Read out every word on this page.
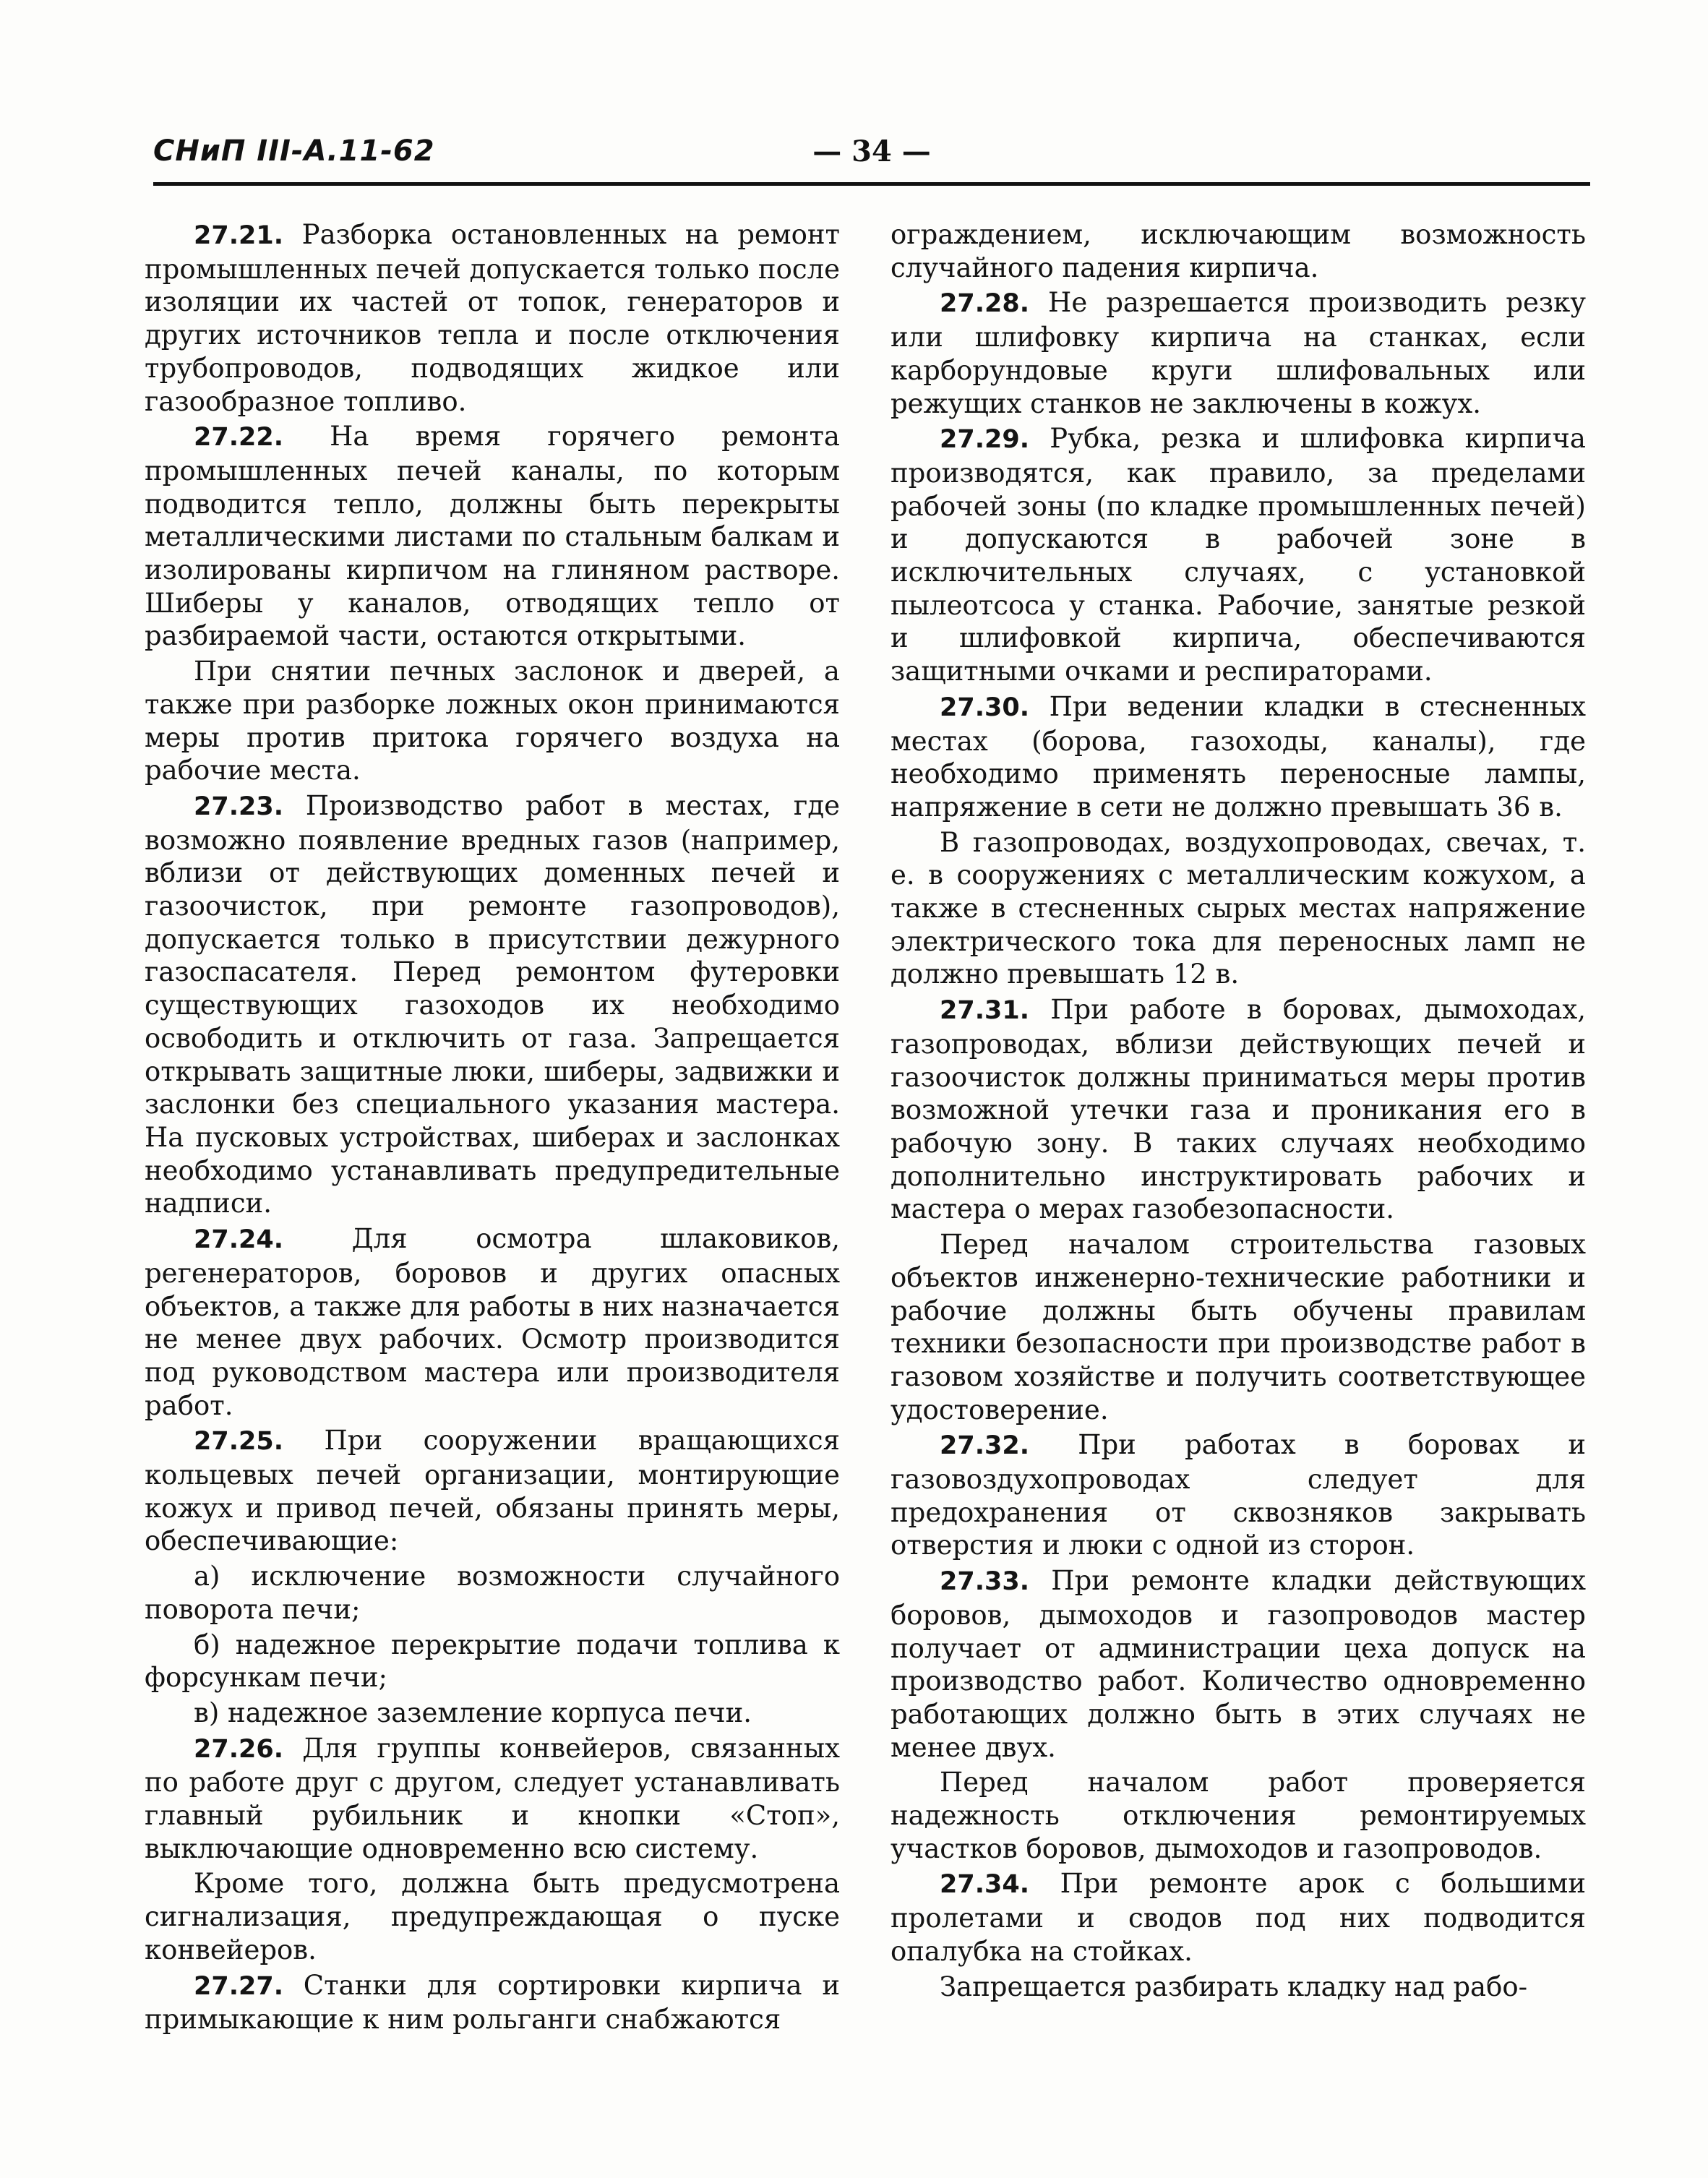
СНиП III-А.11-62	— 34 —

27.21. Разборка остановленных на ремонт промышленных печей допускается только после изоляции их частей от топок, генераторов и других источников тепла и после отключения трубопроводов, подводящих жидкое или газообразное топливо.

27.22. На время горячего ремонта промышленных печей каналы, по которым подводится тепло, должны быть перекрыты металлическими листами по стальным балкам и изолированы кирпичом на глиняном растворе. Шиберы у каналов, отводящих тепло от разбираемой части, остаются открытыми.

При снятии печных заслонок и дверей, а также при разборке ложных окон принимаются меры против притока горячего воздуха на рабочие места.

27.23. Производство работ в местах, где возможно появление вредных газов (например, вблизи от действующих доменных печей и газоочисток, при ремонте газопроводов), допускается только в присутствии дежурного газоспасателя. Перед ремонтом футеровки существующих газоходов их необходимо освободить и отключить от газа. Запрещается открывать защитные люки, шиберы, задвижки и заслонки без специального указания мастера. На пусковых устройствах, шиберах и заслонках необходимо устанавливать предупредительные надписи.

27.24. Для осмотра шлаковиков, регенераторов, боровов и других опасных объектов, а также для работы в них назначается не менее двух рабочих. Осмотр производится под руководством мастера или производителя работ.

27.25. При сооружении вращающихся кольцевых печей организации, монтирующие кожух и привод печей, обязаны принять меры, обеспечивающие:

а) исключение возможности случайного поворота печи;

б) надежное перекрытие подачи топлива к форсункам печи;

в) надежное заземление корпуса печи.

27.26. Для группы конвейеров, связанных по работе друг с другом, следует устанавливать главный рубильник и кнопки «Стоп», выключающие одновременно всю систему.

Кроме того, должна быть предусмотрена сигнализация, предупреждающая о пуске конвейеров.

27.27. Станки для сортировки кирпича и примыкающие к ним рольганги снабжаются

ограждением, исключающим возможность случайного падения кирпича.

27.28. Не разрешается производить резку или шлифовку кирпича на станках, если карборундовые круги шлифовальных или режущих станков не заключены в кожух.

27.29. Рубка, резка и шлифовка кирпича производятся, как правило, за пределами рабочей зоны (по кладке промышленных печей) и допускаются в рабочей зоне в исключительных случаях, с установкой пылеотсоса у станка. Рабочие, занятые резкой и шлифовкой кирпича, обеспечиваются защитными очками и респираторами.

27.30. При ведении кладки в стесненных местах (борова, газоходы, каналы), где необходимо применять переносные лампы, напряжение в сети не должно превышать 36 в.

В газопроводах, воздухопроводах, свечах, т. е. в сооружениях с металлическим кожухом, а также в стесненных сырых местах напряжение электрического тока для переносных ламп не должно превышать 12 в.

27.31. При работе в боровах, дымоходах, газопроводах, вблизи действующих печей и газоочисток должны приниматься меры против возможной утечки газа и проникания его в рабочую зону. В таких случаях необходимо дополнительно инструктировать рабочих и мастера о мерах газобезопасности.

Перед началом строительства газовых объектов инженерно-технические работники и рабочие должны быть обучены правилам техники безопасности при производстве работ в газовом хозяйстве и получить соответствующее удостоверение.

27.32. При работах в боровах и газовоздухопроводах следует для предохранения от сквозняков закрывать отверстия и люки с одной из сторон.

27.33. При ремонте кладки действующих боровов, дымоходов и газопроводов мастер получает от администрации цеха допуск на производство работ. Количество одновременно работающих должно быть в этих случаях не менее двух.

Перед началом работ проверяется надежность отключения ремонтируемых участков боровов, дымоходов и газопроводов.

27.34. При ремонте арок с большими пролетами и сводов под них подводится опалубка на стойках.

Запрещается разбирать кладку над рабо-
